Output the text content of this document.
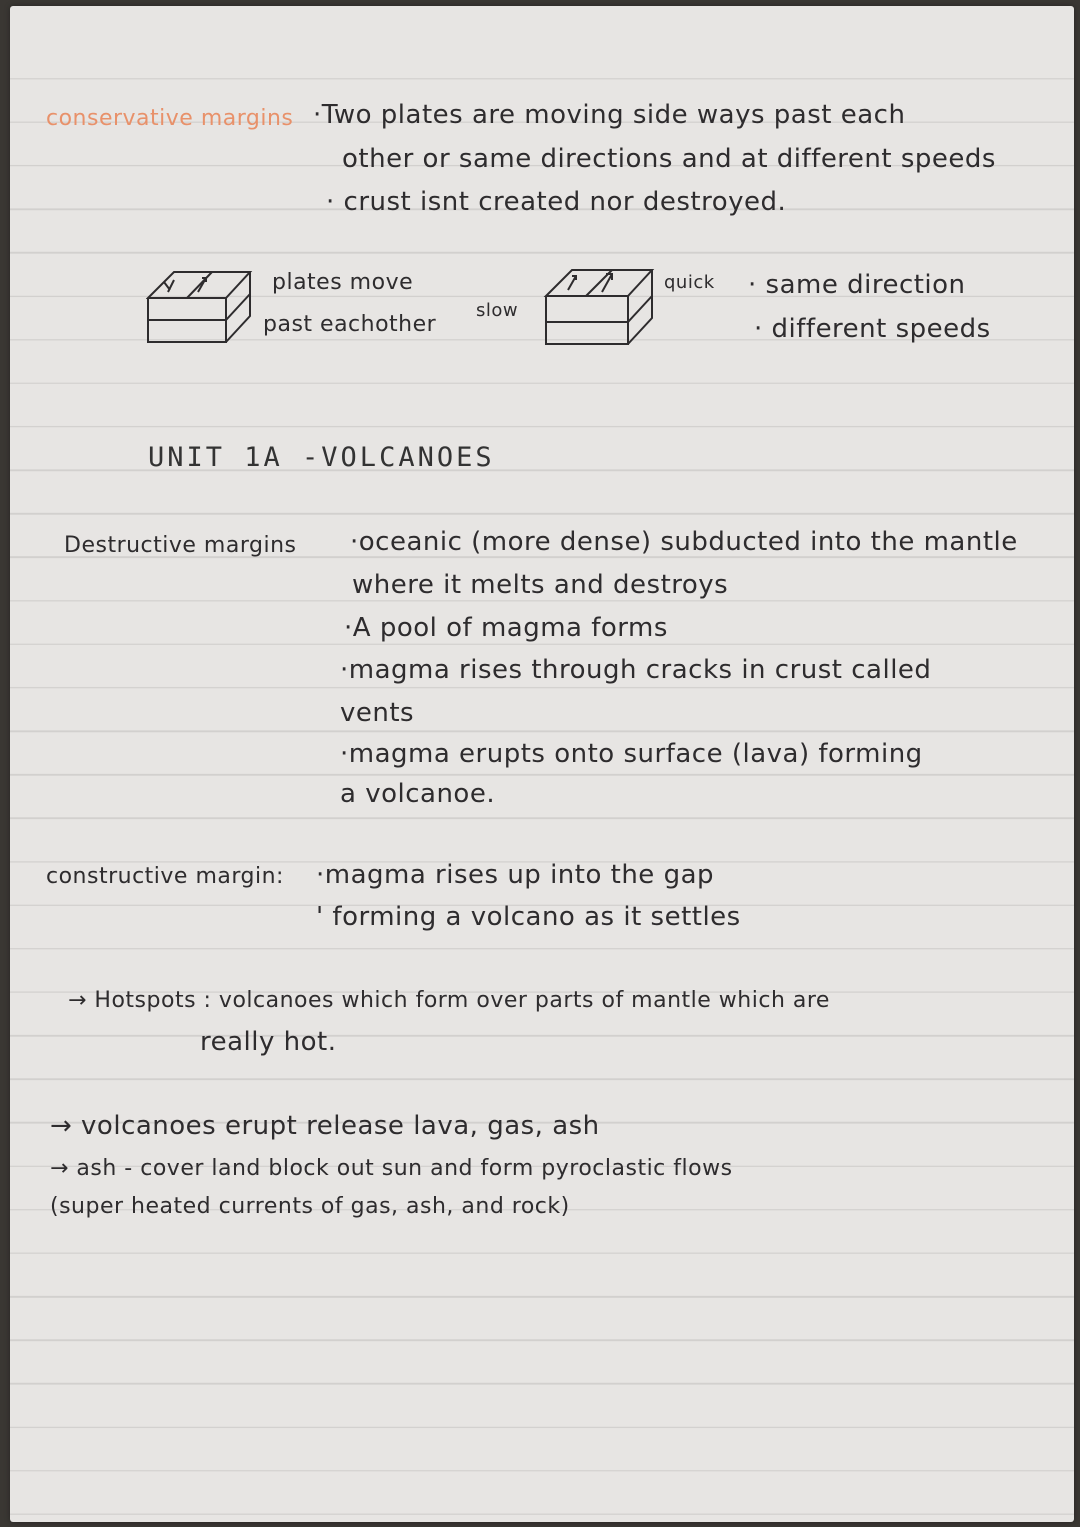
conservative margins ·Two plates are moving side ways past each
other or same directions and at different speeds
· crust isnt created nor destroyed.
plates move
past eachother
slow
quick · same direction
· different speeds
UNIT 1A -VOLCANOES
Destructive margins ·oceanic (more dense) subducted into the mantle
where it melts and destroys
·A pool of magma forms
·magma rises through cracks in crust called
vents
·magma erupts onto surface (lava) forming
a volcanoe.
constructive margin: ·magma rises up into the gap
' forming a volcano as it settles
→ Hotspots : volcanoes which form over parts of mantle which are
really hot.
→ volcanoes erupt release lava, gas, ash
→ ash - cover land block out sun and form pyroclastic flows
(super heated currents of gas, ash, and rock)
